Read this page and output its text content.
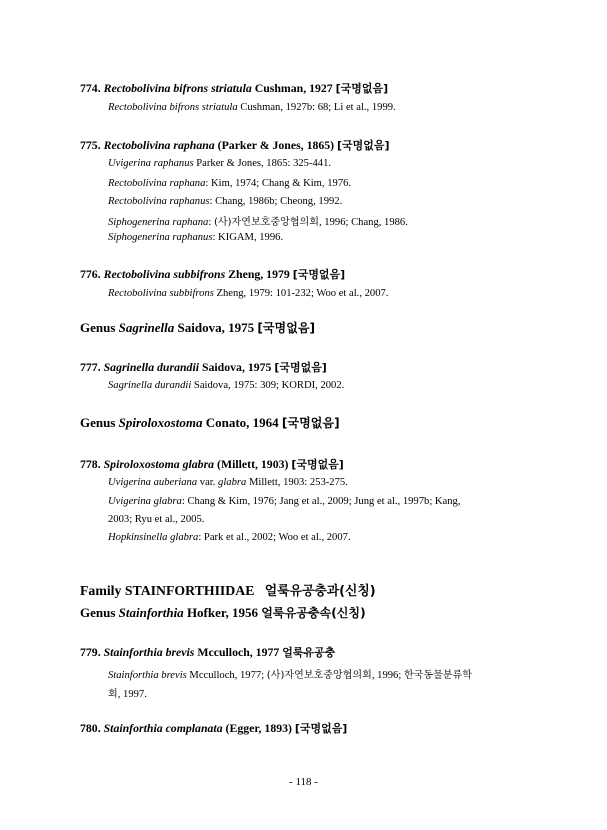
774. Rectobolivina bifrons striatula Cushman, 1927 [국명없음]
Rectobolivina bifrons striatula Cushman, 1927b: 68; Li et al., 1999.
775. Rectobolivina raphana (Parker & Jones, 1865) [국명없음]
Uvigerina raphanus Parker & Jones, 1865: 325-441.
Rectobolivina raphana: Kim, 1974; Chang & Kim, 1976.
Rectobolivina raphanus: Chang, 1986b; Cheong, 1992.
Siphogenerina raphana: (사)자연보호중앙협의회, 1996; Chang, 1986.
Siphogenerina raphanus: KIGAM, 1996.
776. Rectobolivina subbifrons Zheng, 1979 [국명없음]
Rectobolivina subbifrons Zheng, 1979: 101-232; Woo et al., 2007.
Genus Sagrinella Saidova, 1975 [국명없음]
777. Sagrinella durandii Saidova, 1975 [국명없음]
Sagrinella durandii Saidova, 1975: 309; KORDI, 2002.
Genus Spiroloxostoma Conato, 1964 [국명없음]
778. Spiroloxostoma glabra (Millett, 1903) [국명없음]
Uvigerina auberiana var. glabra Millett, 1903: 253-275.
Uvigerina glabra: Chang & Kim, 1976; Jang et al., 2009; Jung et al., 1997b; Kang,
2003; Ryu et al., 2005.
Hopkinsinella glabra: Park et al., 2002; Woo et al., 2007.
Family STAINFORTHIIDAE 얼룩유공충과(신칭)
Genus Stainforthia Hofker, 1956 얼룩유공충속(신칭)
779. Stainforthia brevis Mcculloch, 1977 얼룩유공충
Stainforthia brevis Mcculloch, 1977; (사)자연보호중앙협의회, 1996; 한국동물분류학
회, 1997.
780. Stainforthia complanata (Egger, 1893) [국명없음]
- 118 -
